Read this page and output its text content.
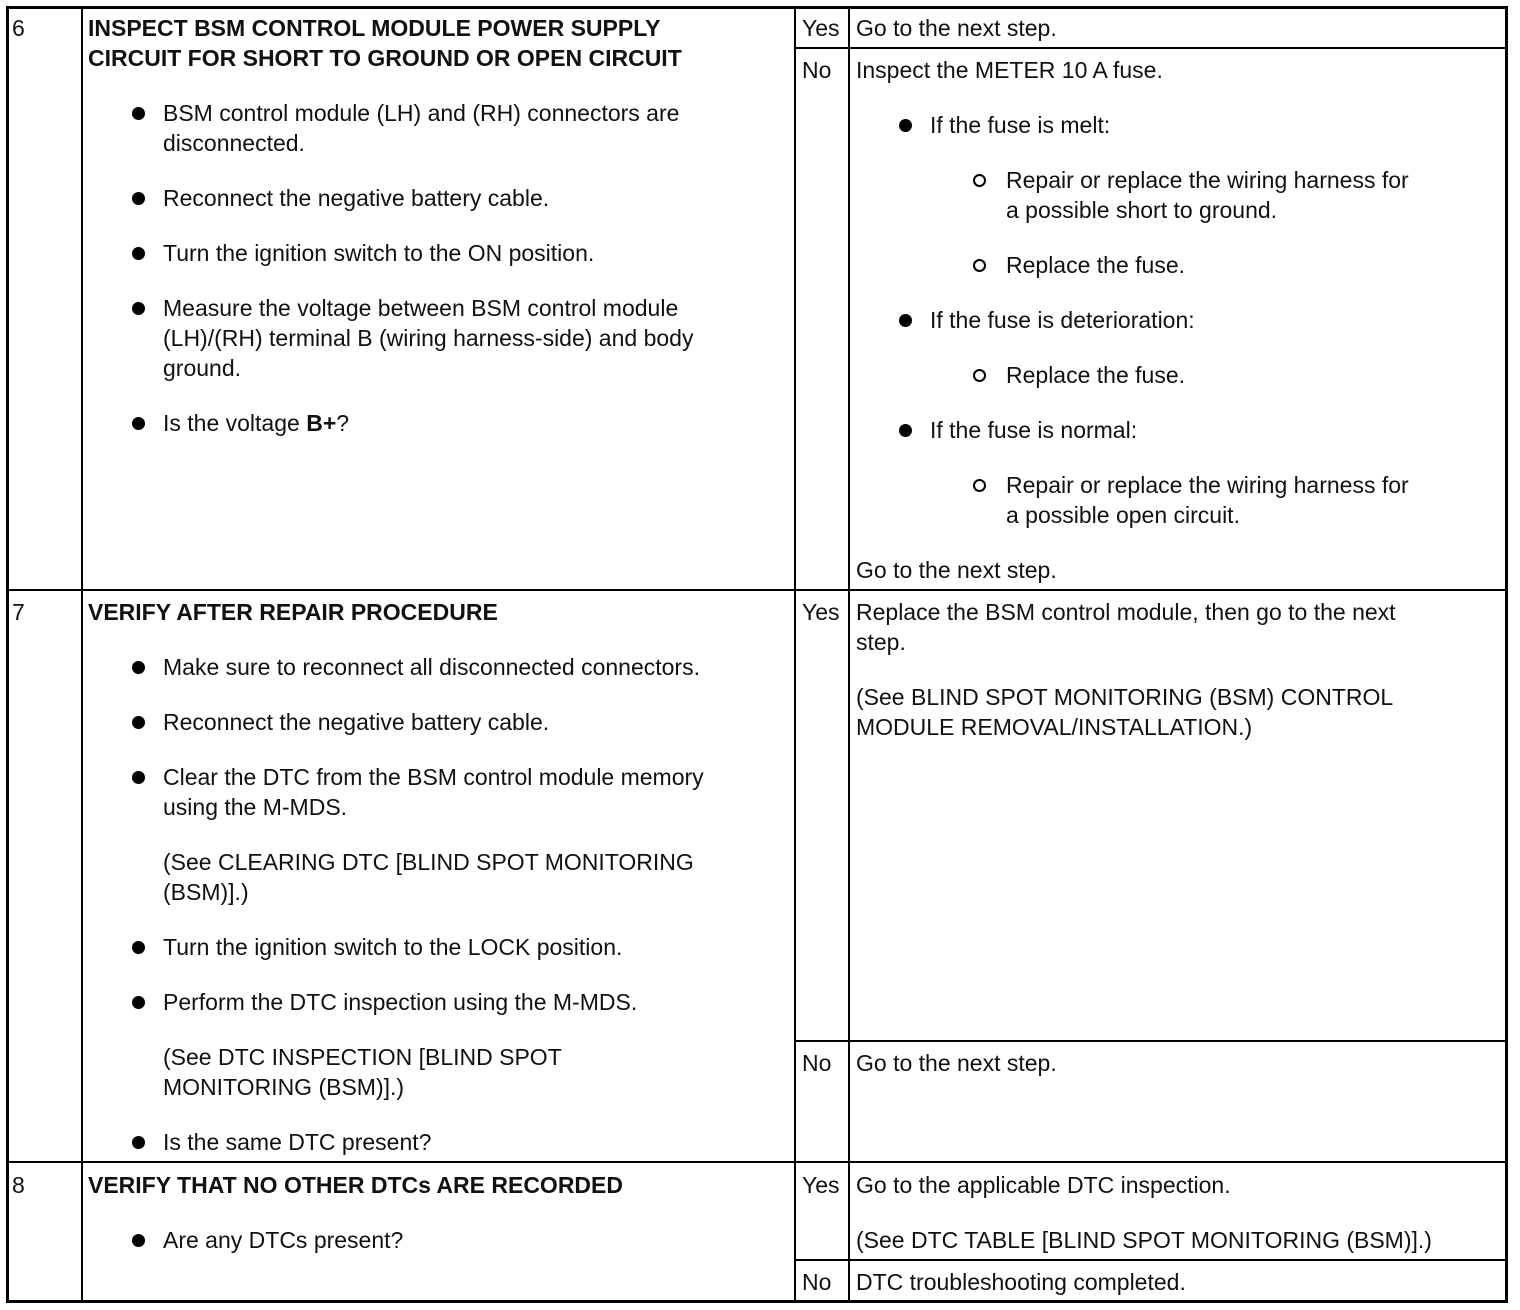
6	INSPECT BSM CONTROL MODULE POWER SUPPLY
CIRCUIT FOR SHORT TO GROUND OR OPEN CIRCUIT
BSM control module (LH) and (RH) connectors are
disconnected.
Reconnect the negative battery cable.
Turn the ignition switch to the ON position.
Measure the voltage between BSM control module
(LH)/(RH) terminal B (wiring harness-side) and body
ground.
Is the voltage B+?
Yes Go to the next step.
No Inspect the METER 10 A fuse.
If the fuse is melt:
Repair or replace the wiring harness for
a possible short to ground.
Replace the fuse.
If the fuse is deterioration:
Replace the fuse.
If the fuse is normal:
Repair or replace the wiring harness for
a possible open circuit.
Go to the next step.
7	VERIFY AFTER REPAIR PROCEDURE
Make sure to reconnect all disconnected connectors.
Reconnect the negative battery cable.
Clear the DTC from the BSM control module memory
using the M-MDS.
(See CLEARING DTC [BLIND SPOT MONITORING
(BSM)].)
Turn the ignition switch to the LOCK position.
Perform the DTC inspection using the M-MDS.
(See DTC INSPECTION [BLIND SPOT
MONITORING (BSM)].)
Is the same DTC present?
Yes Replace the BSM control module, then go to the next
step.
(See BLIND SPOT MONITORING (BSM) CONTROL
MODULE REMOVAL/INSTALLATION.)
No Go to the next step.
8	VERIFY THAT NO OTHER DTCs ARE RECORDED
Are any DTCs present?
Yes Go to the applicable DTC inspection.
(See DTC TABLE [BLIND SPOT MONITORING (BSM)].)
No DTC troubleshooting completed.
